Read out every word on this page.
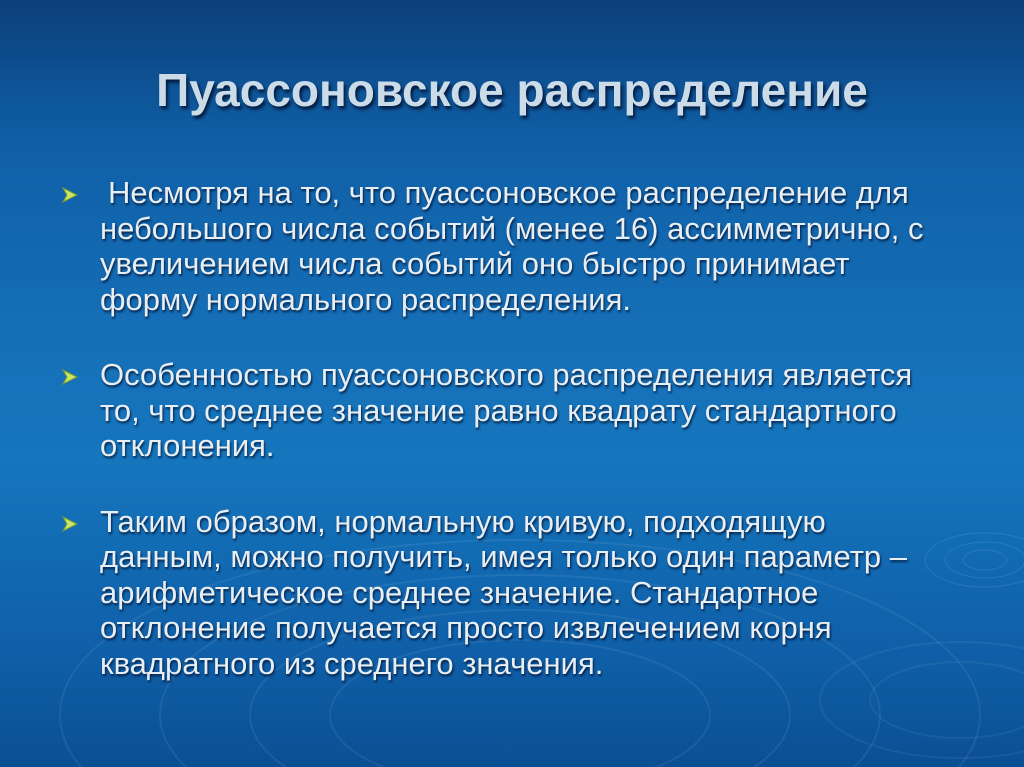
Пуассоновское распределение
Несмотря на то, что пуассоновское распределение для небольшого числа событий (менее 16) ассимметрично, с увеличением числа событий оно быстро принимает форму нормального распределения.
Особенностью пуассоновского распределения является то, что среднее значение равно квадрату стандартного отклонения.
Таким образом, нормальную кривую, подходящую данным, можно получить, имея только один параметр – арифметическое среднее значение. Стандартное отклонение получается просто извлечением корня квадратного из среднего значения.
